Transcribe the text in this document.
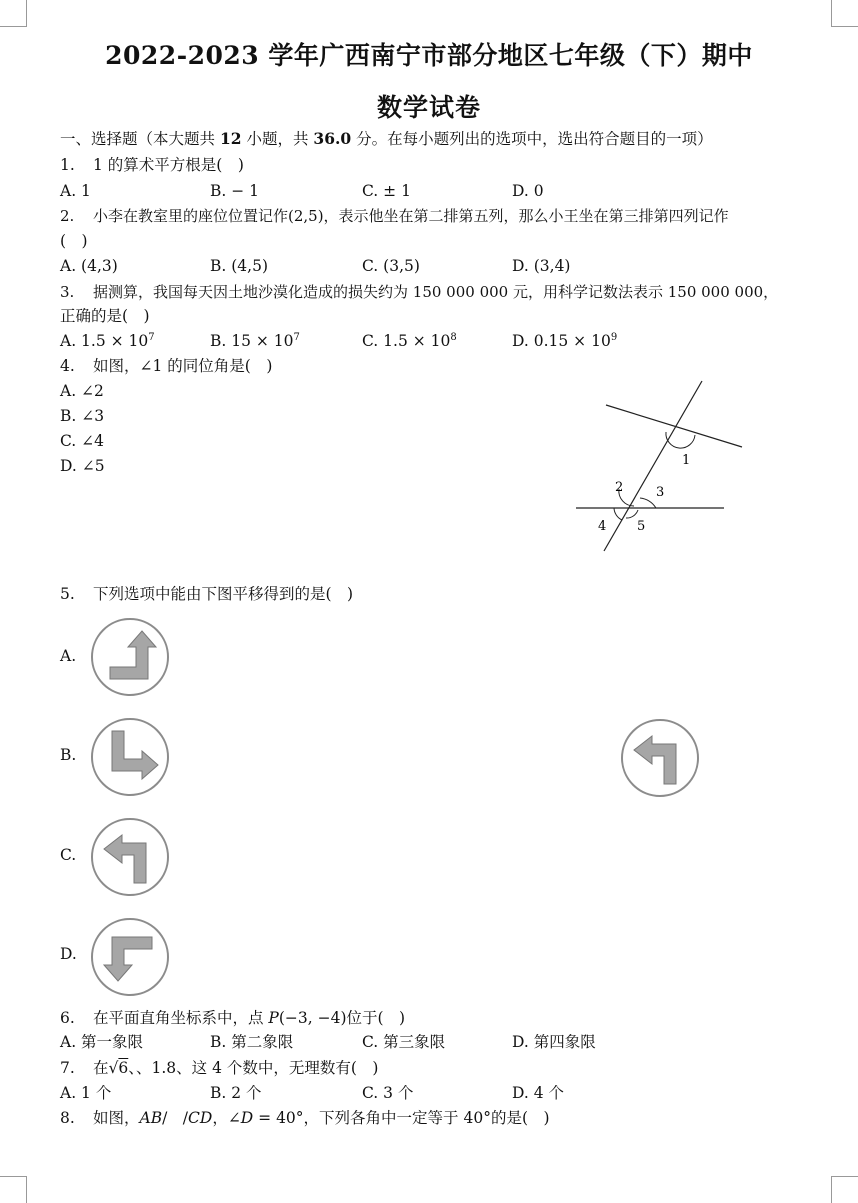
2022-2023 学年广西南宁市部分地区七年级（下）期中
数学试卷
一、选择题（本大题共 12 小题，共 36.0 分。在每小题列出的选项中，选出符合题目的一项）
1. 1 的算术平方根是(　)
A. 1	B. − 1	C. ± 1	D. 0
2. 小李在教室里的座位位置记作(2,5)，表示他坐在第二排第五列，那么小王坐在第三排第四列记作
(　)
A. (4,3)	B. (4,5)	C. (3,5)	D. (3,4)
3. 据测算，我国每天因土地沙漠化造成的损失约为 150 000 000 元，用科学记数法表示 150 000 000，
正确的是(　)
A. $1.5 \times 10^7$	B. $15 \times 10^7$	C. $1.5 \times 10^8$	D. $0.15 \times 10^9$
4. 如图，∠1 的同位角是(　)
A. ∠2
B. ∠3
C. ∠4
D. ∠5	1
2	3
4 5
5. 下列选项中能由下图平移得到的是(　)
A.
B.
C.
D.
6. 在平面直角坐标系中，点 𝑃(−3, −4)位于(　)
A. 第一象限	B. 第二象限	C. 第三象限	D. 第四象限
7. 在√6、、1.8、这 4 个数中，无理数有(　)
A. 1 个	B. 2 个	C. 3 个	D. 4 个
8. 如图，𝐴𝐵/　/𝐶𝐷，∠𝐷 = 40°，下列各角中一定等于 40°的是(　)
